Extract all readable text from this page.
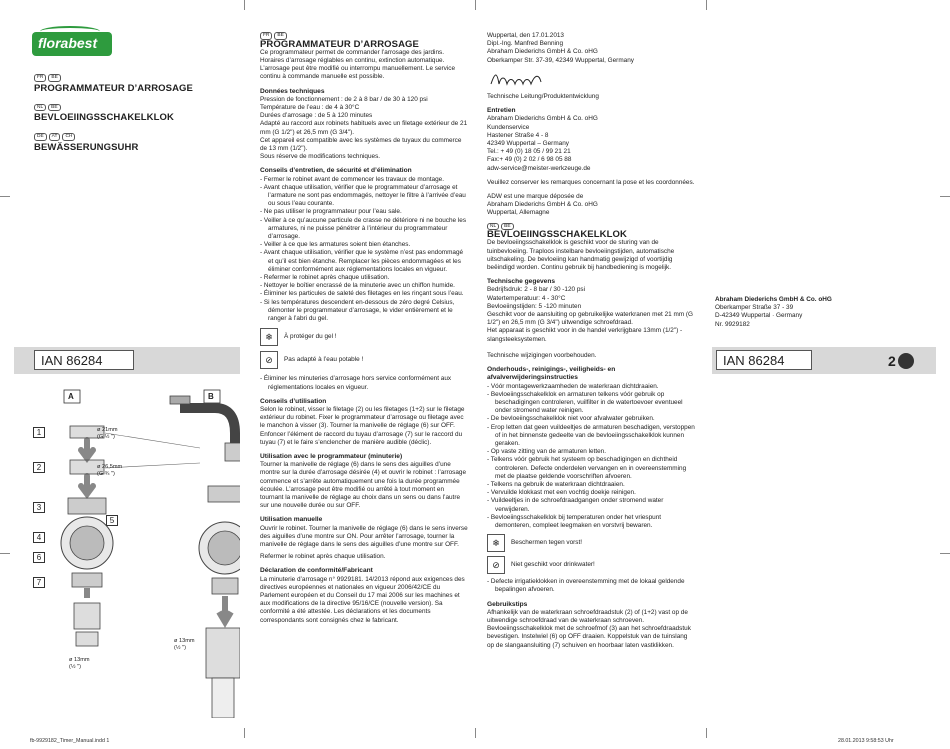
florabest
FR	BE
PROGRAMMATEUR D’ARROSAGE
NL	BE
BEVLOEIINGSSCHAKELKLOK
DE	AT	CH
BEWÄSSERUNGSUHR
IAN 86284
A	B
1
2
3
4
5
6
7
ø 21mm
(G ½ ")
ø 26,5mm
(G ¾ ")
ø 13mm
(½ ")
ø 13mm
(½ ")
FR	BE
PROGRAMMATEUR D’ARROSAGE

Ce programmateur permet de commander l’arrosage des jardins. Horaires d’arrosage réglables en continu, extinction automatique. L’arrosage peut être modifié ou interrompu manuellement. Le service continu à commande manuelle est possible.

Données techniques
Pression de fonctionnement : de 2 à 8 bar / de 30 à 120 psi
Température de l’eau : de 4 à 30°C
Durées d’arrosage : de 5 à 120 minutes
Adapté au raccord aux robinets habituels avec un filetage extérieur de 21 mm (G 1/2") et 26,5 mm (G 3/4").
Cet appareil est compatible avec les systèmes de tuyaux du commerce de 13 mm (1/2").
Sous réserve de modifications techniques.
Conseils d’entretien, de sécurité et d’élimination
- Fermer le robinet avant de commencer les travaux de montage.
- Avant chaque utilisation, vérifier que le programmateur d’arrosage et l’armature ne sont pas endommagés, nettoyer le filtre à l’arrivée d’eau ou sous l’eau courante.
- Ne pas utiliser le programmateur pour l’eau sale.
- Veiller à ce qu’aucune particule de crasse ne détériore ni ne bouche les armatures, ni ne puisse pénétrer à l’intérieur du programmateur d’arrosage.
- Veiller à ce que les armatures soient bien étanches.
- Avant chaque utilisation, vérifier que le système n’est pas endommagé et qu’il est bien étanche. Remplacer les pièces endommagées et les éliminer conformément aux réglementations locales en vigueur.
- Refermer le robinet après chaque utilisation.
- Nettoyer le boîtier encrassé de la minuterie avec un chiffon humide.
- Éliminer les particules de saleté des filetages en les rinçant sous l’eau.
- Si les températures descendent en-dessous de zéro degré Celsius, démonter le programmateur d’arrosage, le vider entièrement et le ranger à l’abri du gel.
❄	À protéger du gel !
⊘	Pas adapté à l’eau potable !
- Éliminer les minuteries d’arrosage hors service conformément aux réglementations locales en vigueur.
Conseils d’utilisation

Selon le robinet, visser le filetage (2) ou les filetages (1+2) sur le filetage extérieur du robinet. Fixer le programmateur d’arrosage ou filetage avec le manchon à visser (3). Tourner la manivelle de réglage (6) sur OFF. Enfoncer l’élément de raccord du tuyau d’arrosage (7) sur le raccord du tuyau (7) et le faire s’enclencher de manière audible (déclic).

Utilisation avec le programmateur (minuterie)

Tourner la manivelle de réglage (6) dans le sens des aiguilles d’une montre sur la durée d’arrosage désirée (4) et ouvrir le robinet : l’arrosage commence et s’arrête automatiquement une fois la durée programmée écoulée. L’arrosage peut être modifié ou arrêté à tout moment en tournant la manivelle de réglage au choix dans un sens ou dans l’autre sur une nouvelle durée ou sur OFF.

Utilisation manuelle

Ouvrir le robinet. Tourner la manivelle de réglage (6) dans le sens inverse des aiguilles d’une montre sur ON. Pour arrêter l’arrosage, tourner la manivelle de réglage dans le sens des aiguilles d’une montre sur OFF.

Refermer le robinet après chaque utilisation.

Déclaration de conformité/Fabricant

La minuterie d’arrosage n° 9929181. 14/2013 répond aux exigences des directives européennes et nationales en vigueur 2006/42/CE du Parlement européen et du Conseil du 17 mai 2006 sur les machines et aux modifications de la directive 95/16/CE (nouvelle version). Sa conformité a été attestée. Les déclarations et les documents correspondants sont consignés chez le fabricant.

Wuppertal, den 17.01.2013
Dipl.-Ing. Manfred Benning
Abraham Diederichs GmbH & Co. oHG
Oberkamper Str. 37-39, 42349 Wuppertal, Germany
Technische Leitung/Produktentwicklung
Entretien
Abraham Diederichs GmbH & Co. oHG
Kundenservice
Hastener Straße 4 - 8
42349 Wuppertal – Germany
Tel.: + 49 (0) 18 05 / 99 21 21
Fax:+ 49 (0) 2 02 / 6 98 05 88
adw-service@meister-werkzeuge.de

Veuillez conserver les remarques concernant la pose et les coordonnées.

ADW est une marque déposée de
Abraham Diederichs GmbH & Co. oHG
Wuppertal, Allemagne
NL	BE
BEVLOEIINGSSCHAKELKLOK

De bevloeiingsschakelklok is geschikt voor de sturing van de tuinbevloeiing. Traploos instelbare bevloeiingstijden, automatische uitschakeling. De bevloeiing kan handmatig gewijzigd of voortijdig beëindigd worden. Continu gebruik bij handbediening is mogelijk.

Technische gegevens
Bedrijfsdruk: 2 - 8 bar / 30 -120 psi
Watertemperatuur: 4 - 30°C
Bevloeiingstijden: 5 -120 minuten
Geschikt voor de aansluiting op gebruikelijke waterkranen met 21 mm (G 1/2") en 26,5 mm (G 3/4") uitwendige schroefdraad.
Het apparaat is geschikt voor in de handel verkrijgbare 13mm (1/2") - slangsteeksystemen.
Technische wijzigingen voorbehouden.
Onderhouds-, reinigings-, veiligheids- en afvalverwijderingsinstructies
- Vóór montagewerkzaamheden de waterkraan dichtdraaien.
- Bevloeiingsschakelklok en armaturen telkens vóór gebruik op beschadigingen controleren, vuilfilter in de watertoevoer eventueel onder stromend water reinigen.
- De bevloeiingsschakelklok niet voor afvalwater gebruiken.
- Erop letten dat geen vuildeeltjes de armaturen beschadigen, verstoppen of in het binnenste gedeelte van de bevloeiingsschakelklok kunnen geraken.
- Op vaste zitting van de armaturen letten.
- Telkens vóór gebruik het systeem op beschadigingen en dichtheid controleren. Defecte onderdelen vervangen en in overeenstemming met de plaatse geldende voorschriften afvoeren.
- Telkens na gebruik de waterkraan dichtdraaien.
- Vervuilde klokkast met een vochtig doekje reinigen.
- Vuildeeltjes in de schroefdraadgangen onder stromend water verwijderen.
- Bevloeiingsschakelklok bij temperaturen onder het vriespunt demonteren, compleet leegmaken en vorstvrij bewaren.
❄	Beschermen tegen vorst!
⊘	Niet geschikt voor drinkwater!
- Defecte irrigatieklokken in overeenstemming met de lokaal geldende bepalingen afvoeren.
Gebruikstips

Afhankelijk van de waterkraan schroefdraadstuk (2) of (1+2) vast op de uitwendige schroefdraad van de waterkraan schroeven. Bevloeiingsschakelklok met de schroefmof (3) aan het schroefdraadstuk bevestigen. Instelwiel (6) op OFF draaien. Koppelstuk van de tuinslang op de slangaansluiting (7) schuiven en hoorbaar laten vastklikken.

Abraham Diederichs GmbH & Co. oHG
Oberkamper Straße 37 - 39
D-42349 Wuppertal · Germany
Nr. 9929182
IAN 86284	2
fb-9929182_Timer_Manual.indd 1	28.01.2013 9:58:53 Uhr
